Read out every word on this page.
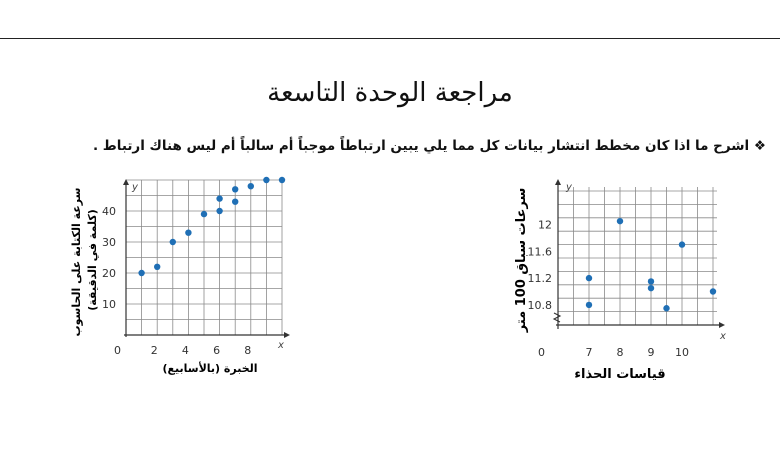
مراجعة الوحدة التاسعة
❖ اشرح ما اذا كان مخطط انتشار بيانات كل مما يلي يبين ارتباطاً موجباً أم سالباً أم ليس هناك ارتباط .
y
x
0
10.8
11.2
11.6
12
7 8 9 10
سرعات سباق 100 متر
قياسات الحذاء
y
x
0
10
20
30
40
2 4 6 8
سرعة الكتابة على الحاسوب (كلمة في الدقيقة)
الخبرة (بالأسابيع)
